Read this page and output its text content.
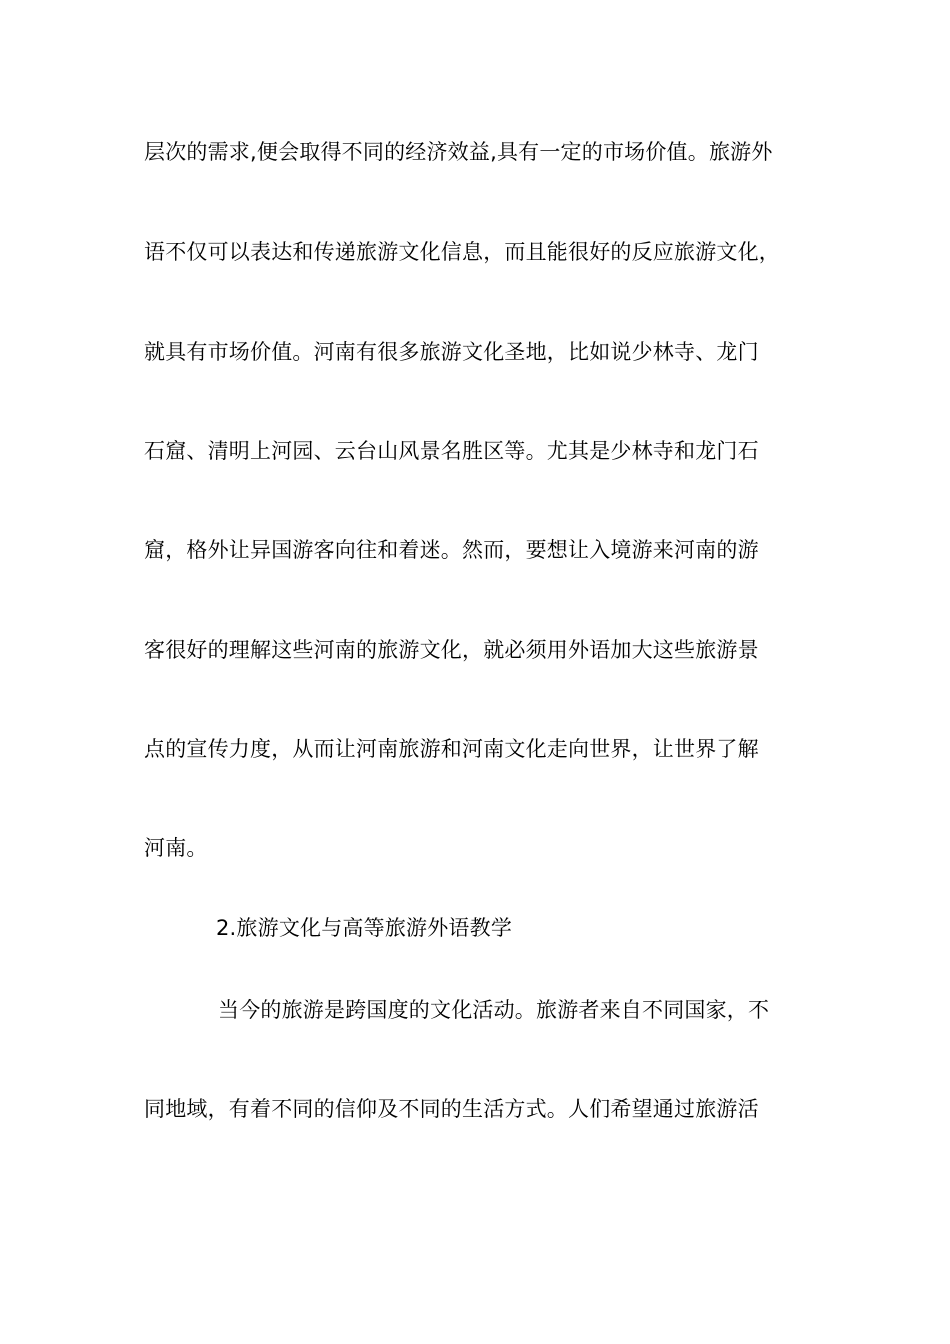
层次的需求,便会取得不同的经济效益,具有一定的市场价值。旅游外
语不仅可以表达和传递旅游文化信息，而且能很好的反应旅游文化，
就具有市场价值。河南有很多旅游文化圣地，比如说少林寺、龙门
石窟、清明上河园、云台山风景名胜区等。尤其是少林寺和龙门石
窟，格外让异国游客向往和着迷。然而，要想让入境游来河南的游
客很好的理解这些河南的旅游文化，就必须用外语加大这些旅游景
点的宣传力度，从而让河南旅游和河南文化走向世界，让世界了解
河南。
2.旅游文化与高等旅游外语教学
当今的旅游是跨国度的文化活动。旅游者来自不同国家，不
同地域，有着不同的信仰及不同的生活方式。人们希望通过旅游活
